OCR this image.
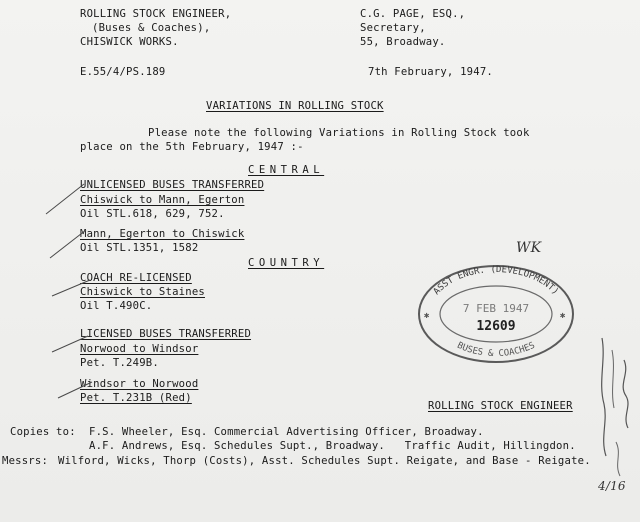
ROLLING STOCK ENGINEER,
(Buses & Coaches),
CHISWICK WORKS.
C.G. PAGE, ESQ.,
Secretary,
55, Broadway.
E.55/4/PS.189	7th February, 1947.
VARIATIONS IN ROLLING STOCK
Please note the following Variations in Rolling Stock took
place on the 5th February, 1947 :-
CENTRAL
UNLICENSED BUSES TRANSFERRED
Chiswick to Mann, Egerton
Oil STL.618, 629, 752.
Mann, Egerton to Chiswick
Oil STL.1351, 1582
COUNTRY
COACH RE-LICENSED
Chiswick to Staines
Oil T.490C.
LICENSED BUSES TRANSFERRED
Norwood to Windsor
Pet. T.249B.
Windsor to Norwood
Pet. T.231B (Red)
ROLLING STOCK ENGINEER
Copies to: F.S. Wheeler, Esq. Commercial Advertising Officer, Broadway.
A.F. Andrews, Esq. Schedules Supt., Broadway.   Traffic Audit, Hillingdon.
Messrs: Wilford, Wicks, Thorp (Costs), Asst. Schedules Supt. Reigate, and Base - Reigate.
WK
ASST ENGR. (DEVELOPMENT)
BUSES & COACHES
7 FEB 1947
12609
✱	✱
4/16
